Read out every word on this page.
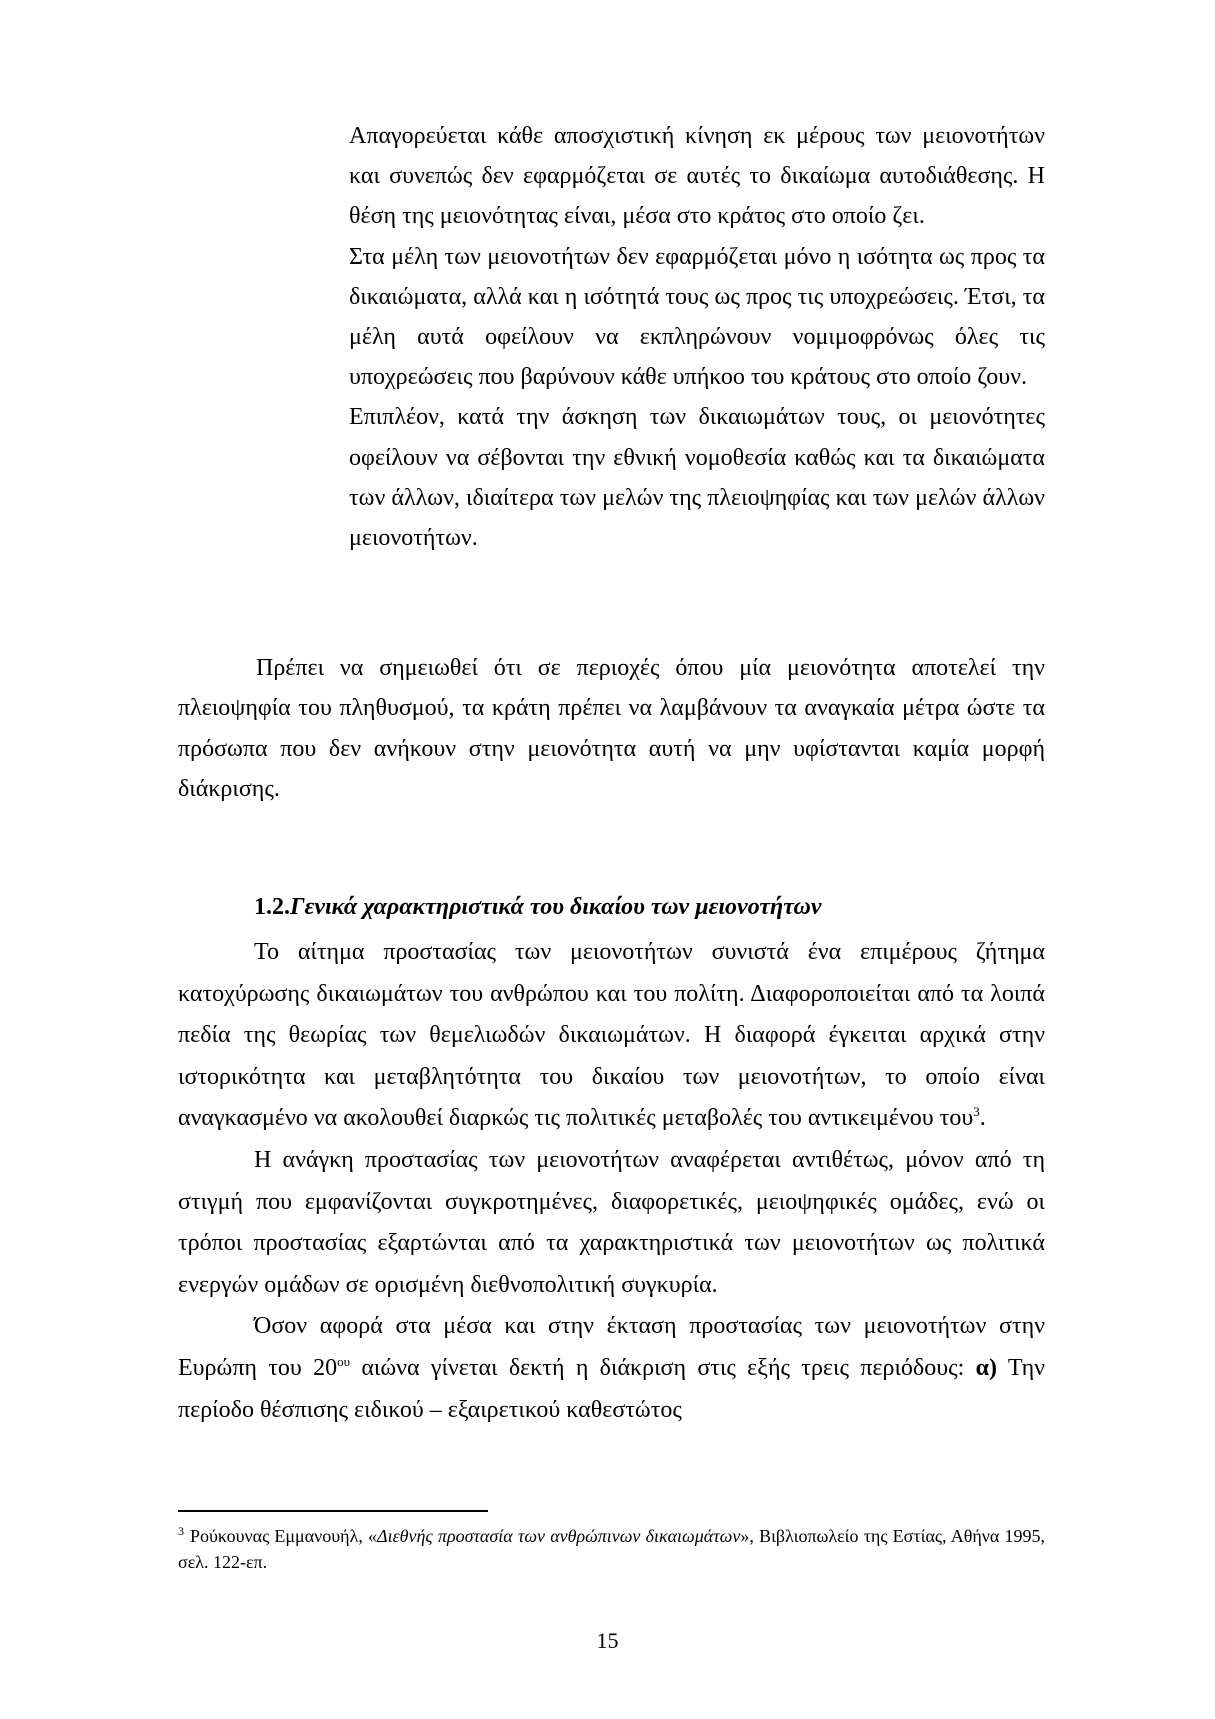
Απαγορεύεται κάθε αποσχιστική κίνηση εκ μέρους των μειονοτήτων και συνεπώς δεν εφαρμόζεται σε αυτές το δικαίωμα αυτοδιάθεσης. Η θέση της μειονότητας είναι, μέσα στο κράτος στο οποίο ζει.

Στα μέλη των μειονοτήτων δεν εφαρμόζεται μόνο η ισότητα ως προς τα δικαιώματα, αλλά και η ισότητά τους ως προς τις υποχρεώσεις. Έτσι, τα μέλη αυτά οφείλουν να εκπληρώνουν νομιμοφρόνως όλες τις υποχρεώσεις που βαρύνουν κάθε υπήκοο του κράτους στο οποίο ζουν.

Επιπλέον, κατά την άσκηση των δικαιωμάτων τους, οι μειονότητες οφείλουν να σέβονται την εθνική νομοθεσία καθώς και τα δικαιώματα των άλλων, ιδιαίτερα των μελών της πλειοψηφίας και των μελών άλλων μειονοτήτων.

Πρέπει να σημειωθεί ότι σε περιοχές όπου μία μειονότητα αποτελεί την πλειοψηφία του πληθυσμού, τα κράτη πρέπει να λαμβάνουν τα αναγκαία μέτρα ώστε τα πρόσωπα που δεν ανήκουν στην μειονότητα αυτή να μην υφίστανται καμία μορφή διάκρισης.

1.2.Γενικά χαρακτηριστικά του δικαίου των μειονοτήτων

Το αίτημα προστασίας των μειονοτήτων συνιστά ένα επιμέρους ζήτημα κατοχύρωσης δικαιωμάτων του ανθρώπου και του πολίτη. Διαφοροποιείται από τα λοιπά πεδία της θεωρίας των θεμελιωδών δικαιωμάτων. Η διαφορά έγκειται αρχικά στην ιστορικότητα και μεταβλητότητα του δικαίου των μειονοτήτων, το οποίο είναι αναγκασμένο να ακολουθεί διαρκώς τις πολιτικές μεταβολές του αντικειμένου του$^3$.

Η ανάγκη προστασίας των μειονοτήτων αναφέρεται αντιθέτως, μόνον από τη στιγμή που εμφανίζονται συγκροτημένες, διαφορετικές, μειοψηφικές ομάδες, ενώ οι τρόποι προστασίας εξαρτώνται από τα χαρακτηριστικά των μειονοτήτων ως πολιτικά ενεργών ομάδων σε ορισμένη διεθνοπολιτική συγκυρία.

Όσον αφορά στα μέσα και στην έκταση προστασίας των μειονοτήτων στην Ευρώπη του $20^{o\upsilon}$ αιώνα γίνεται δεκτή η διάκριση στις εξής τρεις περιόδους: α) Την περίοδο θέσπισης ειδικού – εξαιρετικού καθεστώτος

$^3$ Ρούκουνας Εμμανουήλ, «Διεθνής προστασία των ανθρώπινων δικαιωμάτων», Βιβλιοπωλείο της Εστίας, Αθήνα 1995, σελ. 122-επ.

15
